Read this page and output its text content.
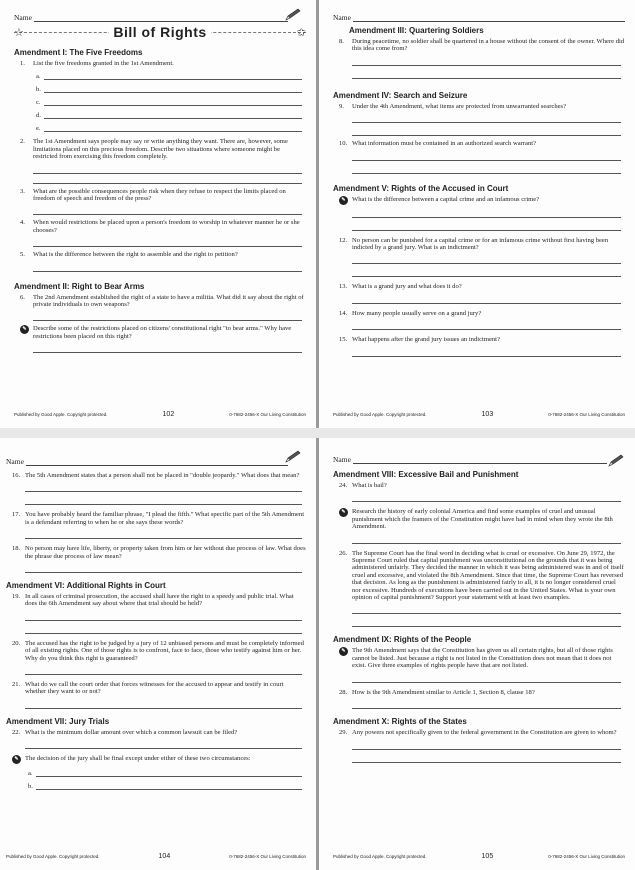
Name
☆	Bill of Rights	✩
Amendment I: The Five Freedoms
1.	List the five freedoms granted in the 1st Amendment.
a.
b.
c.
d.
e.
2.	The 1st Amendment says people may say or write anything they want. There are, however, some limitations placed on this precious freedom. Describe two situations where someone might be restricted from exercising this freedom completely.
3.	What are the possible consequences people risk when they refuse to respect the limits placed on freedom of speech and freedom of the press?
4.	When would restrictions be placed upon a person's freedom to worship in whatever manner he or she chooses?
5.	What is the difference between the right to assemble and the right to petition?
Amendment II: Right to Bear Arms
6.	The 2nd Amendment established the right of a state to have a militia. What did it say about the right of private individuals to own weapons?
✎ Describe some of the restrictions placed on citizens' constitutional right "to bear arms." Why have restrictions been placed on this right?
Published by Good Apple. Copyright protected.	102	0-7682-2456-X Our Living Constitution
Name
Amendment III: Quartering Soldiers
8.	During peacetime, no soldier shall be quartered in a house without the consent of the owner. Where did this idea come from?
Amendment IV: Search and Seizure
9.	Under the 4th Amendment, what items are protected from unwarranted searches?
10. What information must be contained in an authorized search warrant?
Amendment V: Rights of the Accused in Court
✎ What is the difference between a capital crime and an infamous crime?
12. No person can be punished for a capital crime or for an infamous crime without first having been indicted by a grand jury. What is an indictment?
13. What is a grand jury and what does it do?
14. How many people usually serve on a grand jury?
15. What happens after the grand jury issues an indictment?
Published by Good Apple. Copyright protected.	103	0-7682-2456-X Our Living Constitution
Name
16. The 5th Amendment states that a person shall not be placed in "double jeopardy." What does that mean?
17. You have probably heard the familiar phrase, "I plead the fifth." What specific part of the 5th Amendment is a defendant referring to when he or she says these words?
18. No person may have life, liberty, or property taken from him or her without due process of law. What does the phrase due process of law mean?
Amendment VI: Additional Rights in Court
19. In all cases of criminal prosecution, the accused shall have the right to a speedy and public trial. What does the 6th Amendment say about where that trial should be held?
20. The accused has the right to be judged by a jury of 12 unbiased persons and must be completely informed of all existing rights. One of those rights is to confront, face to face, those who testify against him or her. Why do you think this right is guaranteed?
21. What do we call the court order that forces witnesses for the accused to appear and testify in court whether they want to or not?
Amendment VII: Jury Trials
22. What is the minimum dollar amount over which a common lawsuit can be filed?
✎ The decision of the jury shall be final except under either of these two circumstances:
a.
b.
Published by Good Apple. Copyright protected.	104	0-7682-2456-X Our Living Constitution
Name
Amendment VIII: Excessive Bail and Punishment
24. What is bail?
✎ Research the history of early colonial America and find some examples of cruel and unusual punishment which the framers of the Constitution might have had in mind when they wrote the 8th Amendment.
26. The Supreme Court has the final word in deciding what is cruel or excessive. On June 29, 1972, the Supreme Court ruled that capital punishment was unconstitutional on the grounds that it was being administered unfairly. They decided the manner in which it was being administered was in and of itself cruel and excessive, and violated the 8th Amendment. Since that time, the Supreme Court has reversed that decision. As long as the punishment is administered fairly to all, it is no longer considered cruel nor excessive. Hundreds of executions have been carried out in the United States. What is your own opinion of capital punishment? Support your statement with at least two examples.
Amendment IX: Rights of the People
✎ The 9th Amendment says that the Constitution has given us all certain rights, but all of those rights cannot be listed. Just because a right is not listed in the Constitution does not mean that it does not exist. Give three examples of rights people have that are not listed.
28. How is the 9th Amendment similar to Article 1, Section 8, clause 18?
Amendment X: Rights of the States
29. Any powers not specifically given to the federal government in the Constitution are given to whom?
Published by Good Apple. Copyright protected.	105	0-7682-2456-X Our Living Constitution
